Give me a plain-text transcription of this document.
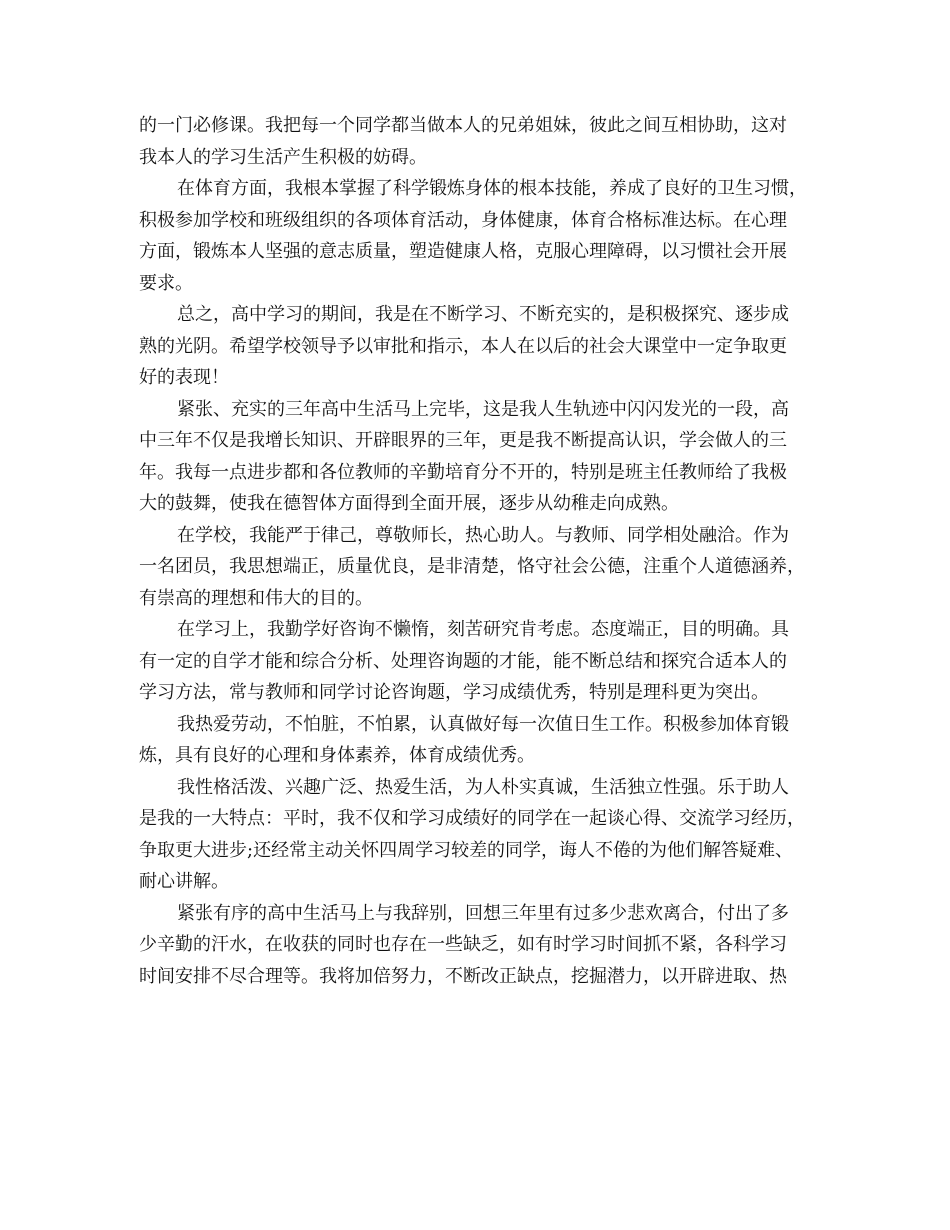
的一门必修课。我把每一个同学都当做本人的兄弟姐妹，彼此之间互相协助，这对
我本人的学习生活产生积极的妨碍。
在体育方面，我根本掌握了科学锻炼身体的根本技能，养成了良好的卫生习惯，
积极参加学校和班级组织的各项体育活动，身体健康，体育合格标准达标。在心理
方面，锻炼本人坚强的意志质量，塑造健康人格，克服心理障碍，以习惯社会开展
要求。
总之，高中学习的期间，我是在不断学习、不断充实的，是积极探究、逐步成
熟的光阴。希望学校领导予以审批和指示，本人在以后的社会大课堂中一定争取更
好的表现！
紧张、充实的三年高中生活马上完毕，这是我人生轨迹中闪闪发光的一段，高
中三年不仅是我增长知识、开辟眼界的三年，更是我不断提高认识，学会做人的三
年。我每一点进步都和各位教师的辛勤培育分不开的，特别是班主任教师给了我极
大的鼓舞，使我在德智体方面得到全面开展，逐步从幼稚走向成熟。
在学校，我能严于律己，尊敬师长，热心助人。与教师、同学相处融洽。作为
一名团员，我思想端正，质量优良，是非清楚，恪守社会公德，注重个人道德涵养，
有崇高的理想和伟大的目的。
在学习上，我勤学好咨询不懒惰，刻苦研究肯考虑。态度端正，目的明确。具
有一定的自学才能和综合分析、处理咨询题的才能，能不断总结和探究合适本人的
学习方法，常与教师和同学讨论咨询题，学习成绩优秀，特别是理科更为突出。
我热爱劳动，不怕脏，不怕累，认真做好每一次值日生工作。积极参加体育锻
炼，具有良好的心理和身体素养，体育成绩优秀。
我性格活泼、兴趣广泛、热爱生活，为人朴实真诚，生活独立性强。乐于助人
是我的一大特点：平时，我不仅和学习成绩好的同学在一起谈心得、交流学习经历，
争取更大进步;还经常主动关怀四周学习较差的同学，诲人不倦的为他们解答疑难、
耐心讲解。
紧张有序的高中生活马上与我辞别，回想三年里有过多少悲欢离合，付出了多
少辛勤的汗水，在收获的同时也存在一些缺乏，如有时学习时间抓不紧，各科学习
时间安排不尽合理等。我将加倍努力，不断改正缺点，挖掘潜力，以开辟进取、热
